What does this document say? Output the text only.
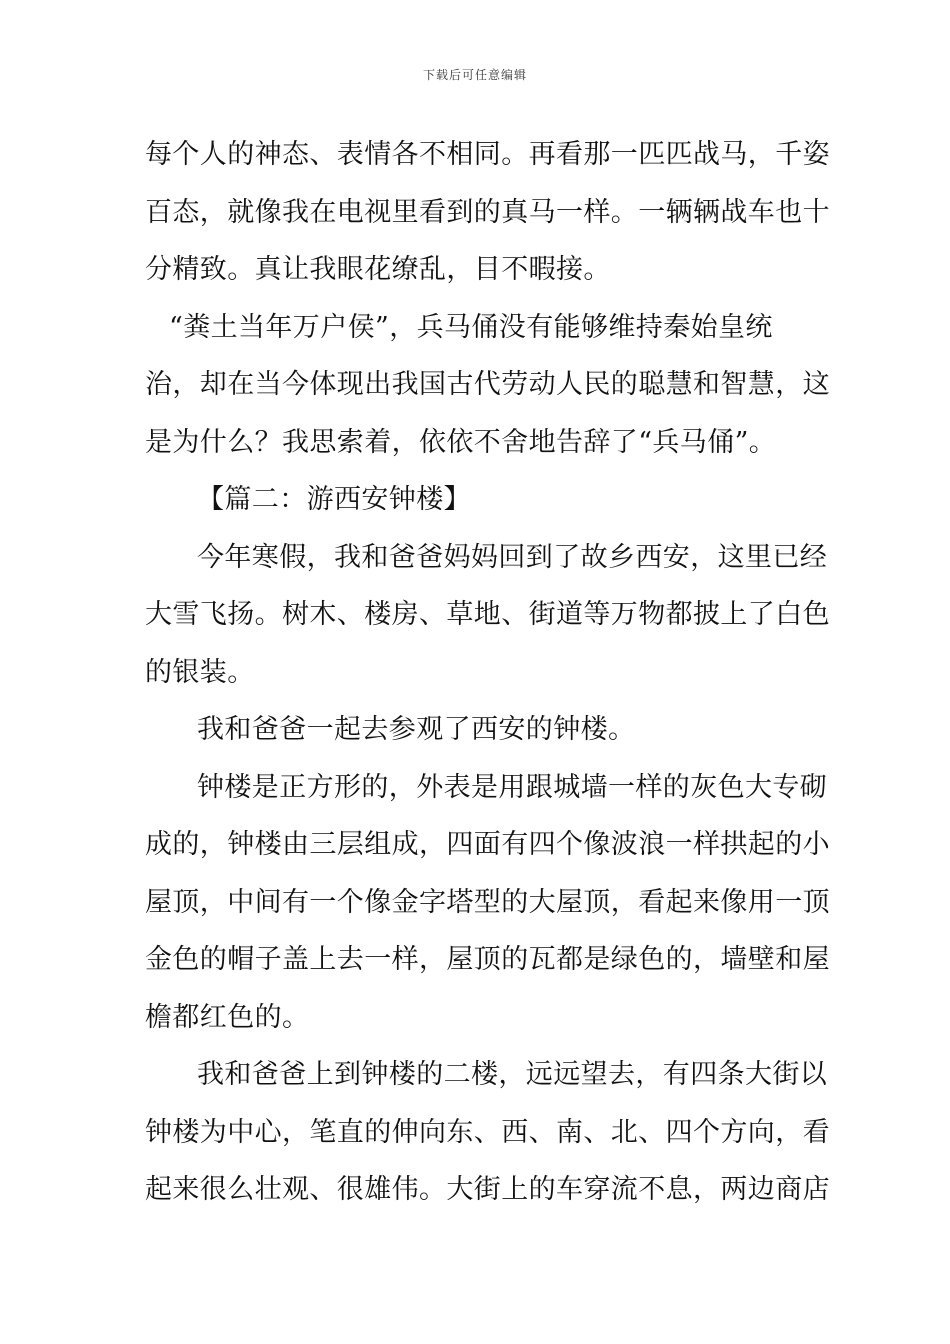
下载后可任意编辑
每个人的神态、表情各不相同。再看那一匹匹战马，千姿
百态，就像我在电视里看到的真马一样。一辆辆战车也十
分精致。真让我眼花缭乱，目不暇接。
“粪土当年万户侯”，兵马俑没有能够维持秦始皇统
治，却在当今体现出我国古代劳动人民的聪慧和智慧，这
是为什么？我思索着，依依不舍地告辞了“兵马俑”。
【篇二：游西安钟楼】
今年寒假，我和爸爸妈妈回到了故乡西安，这里已经
大雪飞扬。树木、楼房、草地、街道等万物都披上了白色
的银装。
我和爸爸一起去参观了西安的钟楼。
钟楼是正方形的，外表是用跟城墙一样的灰色大专砌
成的，钟楼由三层组成，四面有四个像波浪一样拱起的小
屋顶，中间有一个像金字塔型的大屋顶，看起来像用一顶
金色的帽子盖上去一样，屋顶的瓦都是绿色的，墙壁和屋
檐都红色的。
我和爸爸上到钟楼的二楼，远远望去，有四条大街以
钟楼为中心，笔直的伸向东、西、南、北、四个方向，看
起来很么壮观、很雄伟。大街上的车穿流不息，两边商店
